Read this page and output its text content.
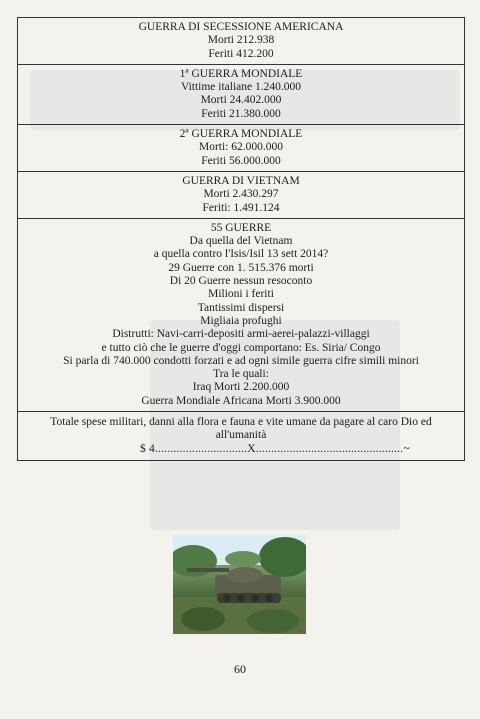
GUERRA DI SECESSIONE AMERICANA
Morti 212.938
Feriti 412.200
1ª GUERRA MONDIALE
Vittime italiane 1.240.000
Morti 24.402.000
Feriti 21.380.000
2ª GUERRA MONDIALE
Morti: 62.000.000
Feriti 56.000.000
GUERRA DI VIETNAM
Morti 2.430.297
Feriti: 1.491.124
55 GUERRE
Da quella del Vietnam
a quella contro l'Isis/Isil 13 sett 2014?
29 Guerre con 1. 515.376 morti
Di 20 Guerre nessun resoconto
Milioni i feriti
Tantissimi dispersi
Migliaia profughi
Distrutti: Navi-carri-depositi armi-aerei-palazzi-villaggi
e tutto ciò che le guerre d'oggi comportano: Es. Siria/ Congo
Si parla di 740.000 condotti forzati e ad ogni simile guerra cifre simili minori
Tra le quali:
Iraq Morti 2.200.000
Guerra Mondiale Africana Morti 3.900.000
Totale spese militari, danni alla flora e fauna e vite umane da pagare al caro Dio ed all'umanità
$ 4..............................X................................................~
60
